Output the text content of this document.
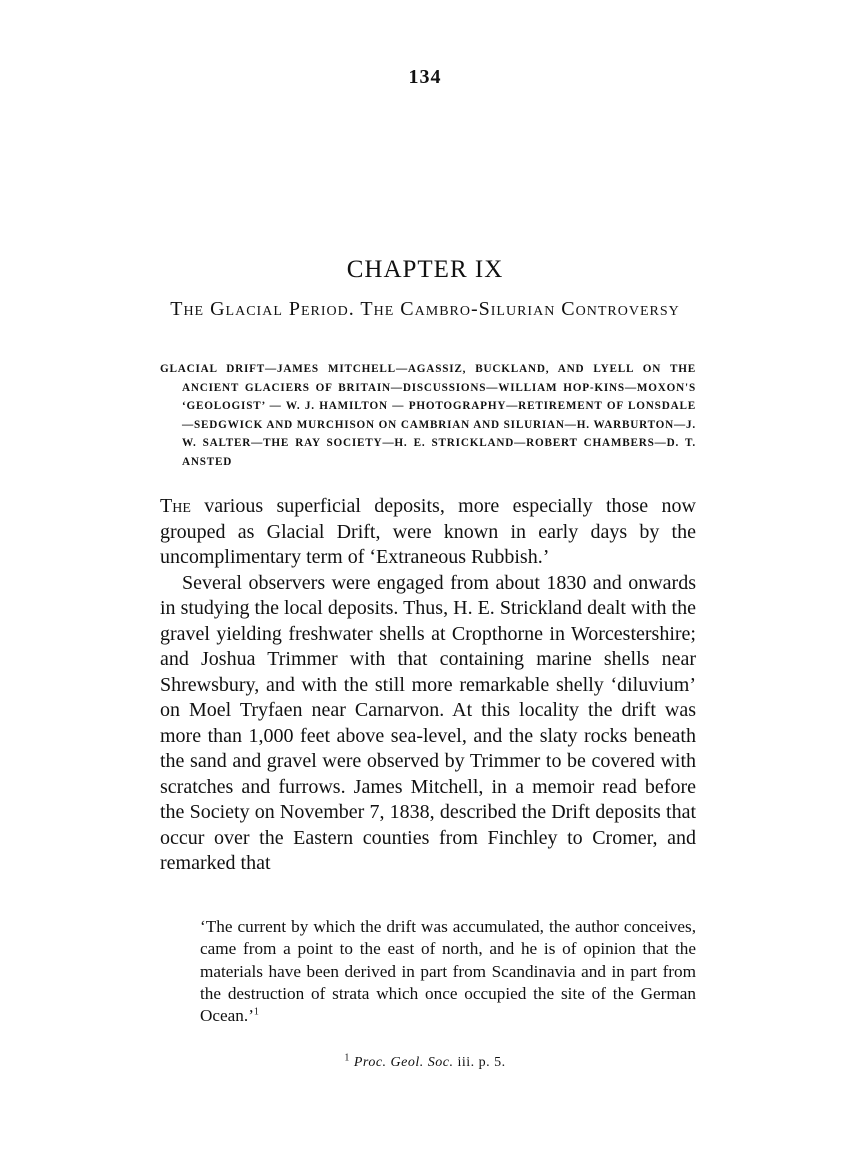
134
CHAPTER IX
The Glacial Period. The Cambro-Silurian Controversy
GLACIAL DRIFT—JAMES MITCHELL—AGASSIZ, BUCKLAND, AND LYELL ON THE ANCIENT GLACIERS OF BRITAIN—DISCUSSIONS—WILLIAM HOP-KINS—MOXON'S ‘GEOLOGIST’ — W. J. HAMILTON — PHOTOGRAPHY—RETIREMENT OF LONSDALE—SEDGWICK AND MURCHISON ON CAMBRIAN AND SILURIAN—H. WARBURTON—J. W. SALTER—THE RAY SOCIETY—H. E. STRICKLAND—ROBERT CHAMBERS—D. T. ANSTED

The various superficial deposits, more especially those now grouped as Glacial Drift, were known in early days by the uncomplimentary term of ‘Extraneous Rubbish.’

Several observers were engaged from about 1830 and onwards in studying the local deposits. Thus, H. E. Strickland dealt with the gravel yielding freshwater shells at Cropthorne in Worcestershire; and Joshua Trimmer with that containing marine shells near Shrewsbury, and with the still more remarkable shelly ‘diluvium’ on Moel Tryfaen near Carnarvon. At this locality the drift was more than 1,000 feet above sea-level, and the slaty rocks beneath the sand and gravel were observed by Trimmer to be covered with scratches and furrows. James Mitchell, in a memoir read before the Society on November 7, 1838, described the Drift deposits that occur over the Eastern counties from Finchley to Cromer, and remarked that

‘The current by which the drift was accumulated, the author conceives, came from a point to the east of north, and he is of opinion that the materials have been derived in part from Scandinavia and in part from the destruction of strata which once occupied the site of the German Ocean.’$^1$

$^1$ Proc. Geol. Soc. iii. p. 5.
